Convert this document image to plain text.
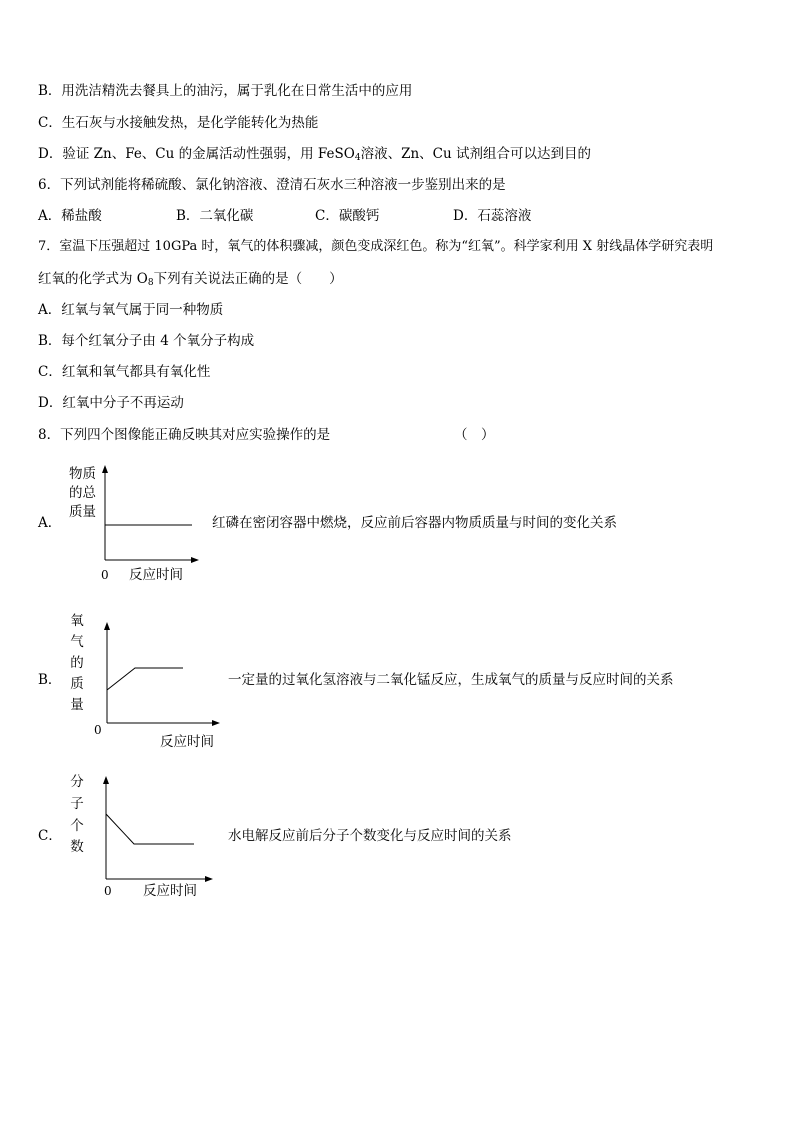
B．用洗洁精洗去餐具上的油污，属于乳化在日常生活中的应用
C．生石灰与水接触发热，是化学能转化为热能
D．验证 Zn、Fe、Cu 的金属活动性强弱，用 FeSO$_4$溶液、Zn、Cu 试剂组合可以达到目的
6．下列试剂能将稀硫酸、氯化钠溶液、澄清石灰水三种溶液一步鉴别出来的是
A．稀盐酸	B．二氧化碳	C．碳酸钙	D．石蕊溶液
7．室温下压强超过 10GPa 时，氧气的体积骤减，颜色变成深红色。称为“红氧”。科学家利用 X 射线晶体学研究表明
红氧的化学式为 $O_8$下列有关说法正确的是（　　）
A．红氧与氧气属于同一种物质
B．每个红氧分子由 4 个氧分子构成
C．红氧和氧气都具有氧化性
D．红氧中分子不再运动
8．下列四个图像能正确反映其对应实验操作的是	（　）
A．
物质
的总
质量
0 反应时间
红磷在密闭容器中燃烧，反应前后容器内物质质量与时间的变化关系
B．
氧
气
的
质
量
0
反应时间
一定量的过氧化氢溶液与二氧化锰反应，生成氧气的质量与反应时间的关系
C．
分
子
个
数
0 反应时间
水电解反应前后分子个数变化与反应时间的关系
